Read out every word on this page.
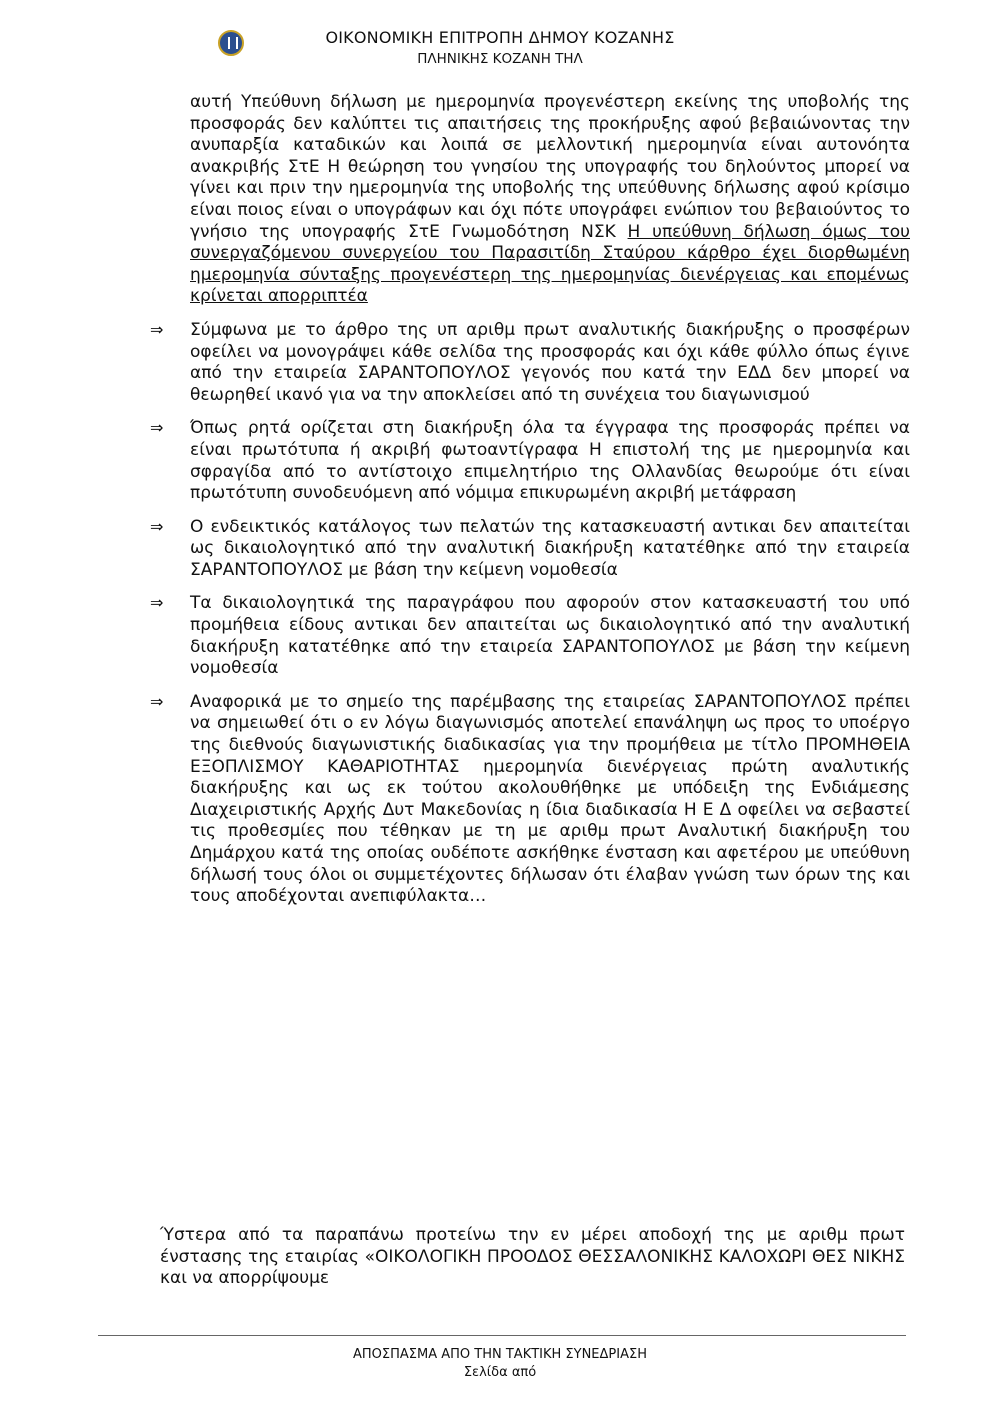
ΟΙΚΟΝΟΜΙΚΗ ΕΠΙΤΡΟΠΗ ΔΗΜΟΥ ΚΟΖΑΝΗΣ
ΠΛΗΝΙΚΗΣ ΚΟΖΑΝΗ ΤΗΛ

αυτή Υπεύθυνη δήλωση με ημερομηνία προγενέστερη εκείνης της υποβολής της προσφοράς δεν καλύπτει τις απαιτήσεις της προκήρυξης αφού βεβαιώνοντας την ανυπαρξία καταδικών και λοιπά σε μελλοντική ημερομηνία είναι αυτονόητα ανακριβής ΣτΕ Η θεώρηση του γνησίου της υπογραφής του δηλούντος μπορεί να γίνει και πριν την ημερομηνία της υποβολής της υπεύθυνης δήλωσης αφού κρίσιμο είναι ποιος είναι ο υπογράφων και όχι πότε υπογράφει ενώπιον του βεβαιούντος το γνήσιο της υπογραφής ΣτΕ Γνωμοδότηση ΝΣΚ Η υπεύθυνη δήλωση όμως του συνεργαζόμενου συνεργείου του Παρασιτίδη Σταύρου κάρθρο έχει διορθωμένη ημερομηνία σύνταξης προγενέστερη της ημερομηνίας διενέργειας και επομένως κρίνεται απορριπτέα

⇒ Σύμφωνα με το άρθρο της υπ αριθμ πρωτ αναλυτικής διακήρυξης ο προσφέρων οφείλει να μονογράψει κάθε σελίδα της προσφοράς και όχι κάθε φύλλο όπως έγινε από την εταιρεία ΣΑΡΑΝΤΟΠΟΥΛΟΣ γεγονός που κατά την ΕΔΔ δεν μπορεί να θεωρηθεί ικανό για να την αποκλείσει από τη συνέχεια του διαγωνισμού

⇒ Όπως ρητά ορίζεται στη διακήρυξη όλα τα έγγραφα της προσφοράς πρέπει να είναι πρωτότυπα ή ακριβή φωτοαντίγραφα Η επιστολή της με ημερομηνία και σφραγίδα από το αντίστοιχο επιμελητήριο της Ολλανδίας θεωρούμε ότι είναι πρωτότυπη συνοδευόμενη από νόμιμα επικυρωμένη ακριβή μετάφραση

⇒ Ο ενδεικτικός κατάλογος των πελατών της κατασκευαστή αντικαι δεν απαιτείται ως δικαιολογητικό από την αναλυτική διακήρυξη κατατέθηκε από την εταιρεία ΣΑΡΑΝΤΟΠΟΥΛΟΣ με βάση την κείμενη νομοθεσία

⇒ Τα δικαιολογητικά της παραγράφου που αφορούν στον κατασκευαστή του υπό προμήθεια είδους αντικαι δεν απαιτείται ως δικαιολογητικό από την αναλυτική διακήρυξη κατατέθηκε από την εταιρεία ΣΑΡΑΝΤΟΠΟΥΛΟΣ με βάση την κείμενη νομοθεσία

⇒ Αναφορικά με το σημείο της παρέμβασης της εταιρείας ΣΑΡΑΝΤΟΠΟΥΛΟΣ πρέπει να σημειωθεί ότι ο εν λόγω διαγωνισμός αποτελεί επανάληψη ως προς το υποέργο της διεθνούς διαγωνιστικής διαδικασίας για την προμήθεια με τίτλο ΠΡΟΜΗΘΕΙΑ ΕΞΟΠΛΙΣΜΟΥ ΚΑΘΑΡΙΟΤΗΤΑΣ ημερομηνία διενέργειας πρώτη αναλυτικής διακήρυξης και ως εκ τούτου ακολουθήθηκε με υπόδειξη της Ενδιάμεσης Διαχειριστικής Αρχής Δυτ Μακεδονίας η ίδια διαδικασία Η Ε Δ οφείλει να σεβαστεί τις προθεσμίες που τέθηκαν με τη με αριθμ πρωτ Αναλυτική διακήρυξη του Δημάρχου κατά της οποίας ουδέποτε ασκήθηκε ένσταση και αφετέρου με υπεύθυνη δήλωσή τους όλοι οι συμμετέχοντες δήλωσαν ότι έλαβαν γνώση των όρων της και τους αποδέχονται ανεπιφύλακτα…

Ύστερα από τα παραπάνω προτείνω την εν μέρει αποδοχή της με αριθμ πρωτ ένστασης της εταιρίας «ΟΙΚΟΛΟΓΙΚΗ ΠΡΟΟΔΟΣ ΘΕΣΣΑΛΟΝΙΚΗΣ ΚΑΛΟΧΩΡΙ ΘΕΣ ΝΙΚΗΣ και να απορρίψουμε

ΑΠΟΣΠΑΣΜΑ ΑΠΟ ΤΗΝ ΤΑΚΤΙΚΗ ΣΥΝΕΔΡΙΑΣΗ
Σελίδα από
